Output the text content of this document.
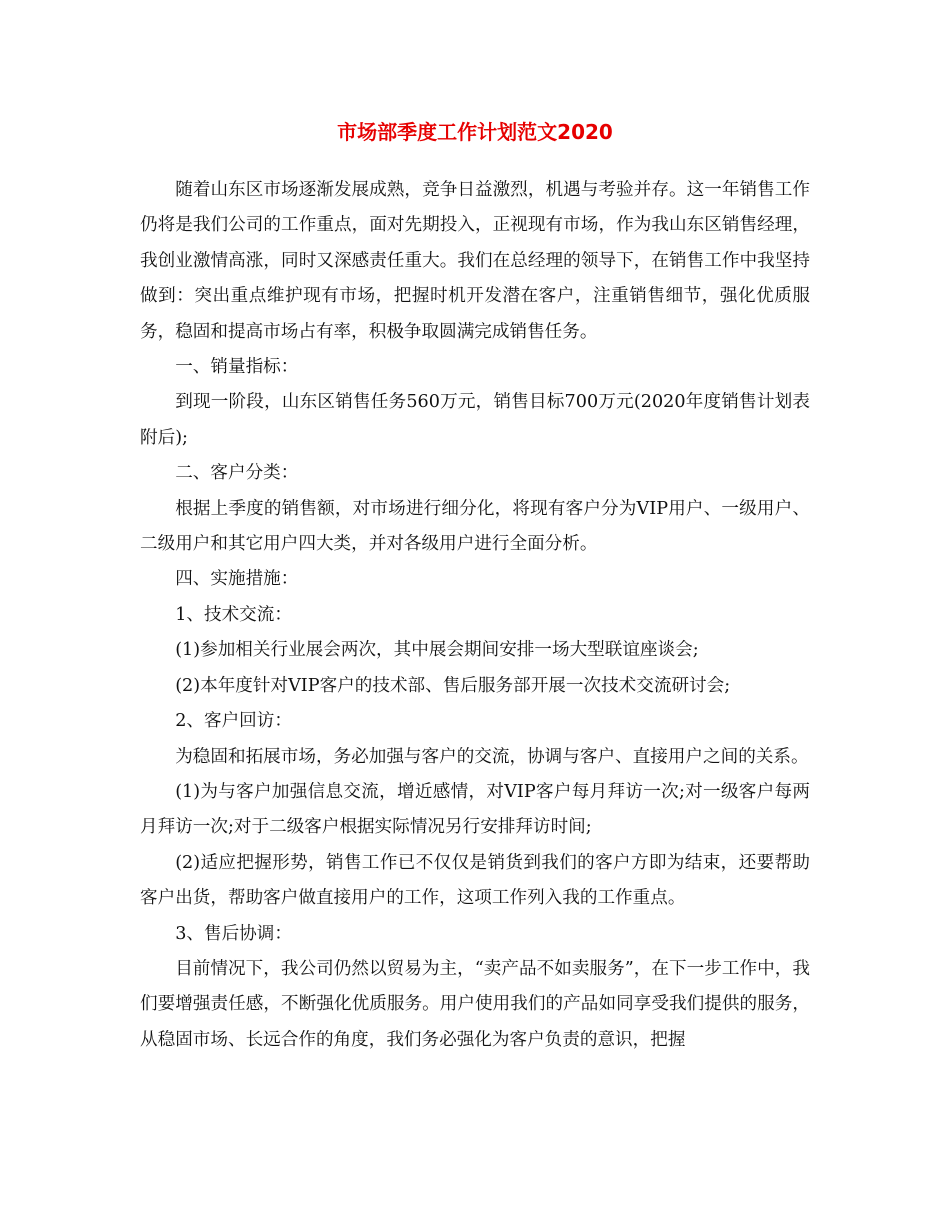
市场部季度工作计划范文2020

随着山东区市场逐渐发展成熟，竞争日益激烈，机遇与考验并存。这一年销售工作仍将是我们公司的工作重点，面对先期投入，正视现有市场，作为我山东区销售经理，我创业激情高涨，同时又深感责任重大。我们在总经理的领导下，在销售工作中我坚持做到：突出重点维护现有市场，把握时机开发潜在客户，注重销售细节，强化优质服务，稳固和提高市场占有率，积极争取圆满完成销售任务。

一、销量指标：

到现一阶段，山东区销售任务560万元，销售目标700万元(2020年度销售计划表附后);

二、客户分类：

根据上季度的销售额，对市场进行细分化，将现有客户分为VIP用户、一级用户、二级用户和其它用户四大类，并对各级用户进行全面分析。

四、实施措施：

1、技术交流：

(1)参加相关行业展会两次，其中展会期间安排一场大型联谊座谈会;

(2)本年度针对VIP客户的技术部、售后服务部开展一次技术交流研讨会;

2、客户回访：

为稳固和拓展市场，务必加强与客户的交流，协调与客户、直接用户之间的关系。

(1)为与客户加强信息交流，增近感情，对VIP客户每月拜访一次;对一级客户每两月拜访一次;对于二级客户根据实际情况另行安排拜访时间;

(2)适应把握形势，销售工作已不仅仅是销货到我们的客户方即为结束，还要帮助客户出货，帮助客户做直接用户的工作，这项工作列入我的工作重点。

3、售后协调：

目前情况下，我公司仍然以贸易为主，“卖产品不如卖服务”，在下一步工作中，我们要增强责任感，不断强化优质服务。用户使用我们的产品如同享受我们提供的服务，从稳固市场、长远合作的角度，我们务必强化为客户负责的意识，把握
